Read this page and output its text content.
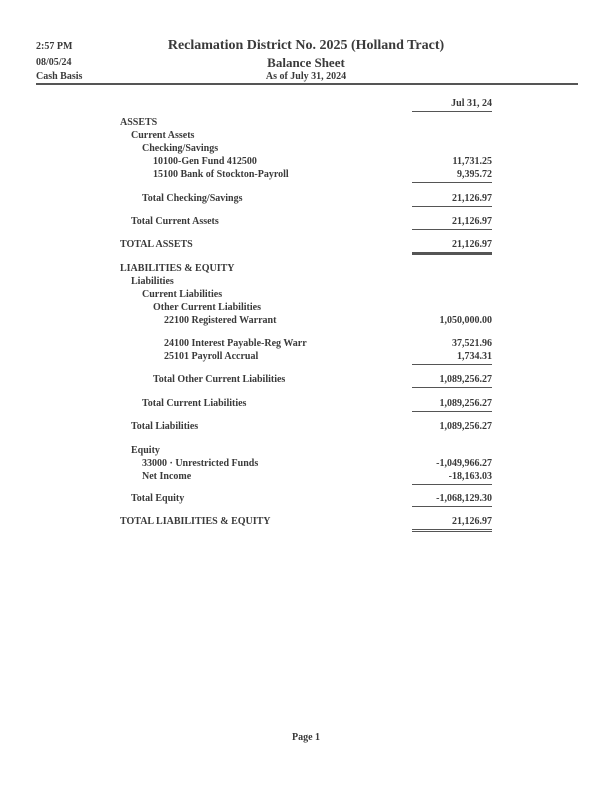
2:57 PM
08/05/24
Cash Basis
Reclamation District No. 2025 (Holland Tract)
Balance Sheet
As of July 31, 2024
Jul 31, 24
ASSETS
Current Assets
Checking/Savings
10100-Gen Fund 412500	11,731.25
15100 Bank of Stockton-Payroll	9,395.72
Total Checking/Savings	21,126.97
Total Current Assets	21,126.97
TOTAL ASSETS	21,126.97
LIABILITIES & EQUITY
Liabilities
Current Liabilities
Other Current Liabilities
22100 Registered Warrant	1,050,000.00
24100 Interest Payable-Reg Warr	37,521.96
25101 Payroll Accrual	1,734.31
Total Other Current Liabilities	1,089,256.27
Total Current Liabilities	1,089,256.27
Total Liabilities	1,089,256.27
Equity
33000 · Unrestricted Funds	-1,049,966.27
Net Income	-18,163.03
Total Equity	-1,068,129.30
TOTAL LIABILITIES & EQUITY	21,126.97
Page 1
